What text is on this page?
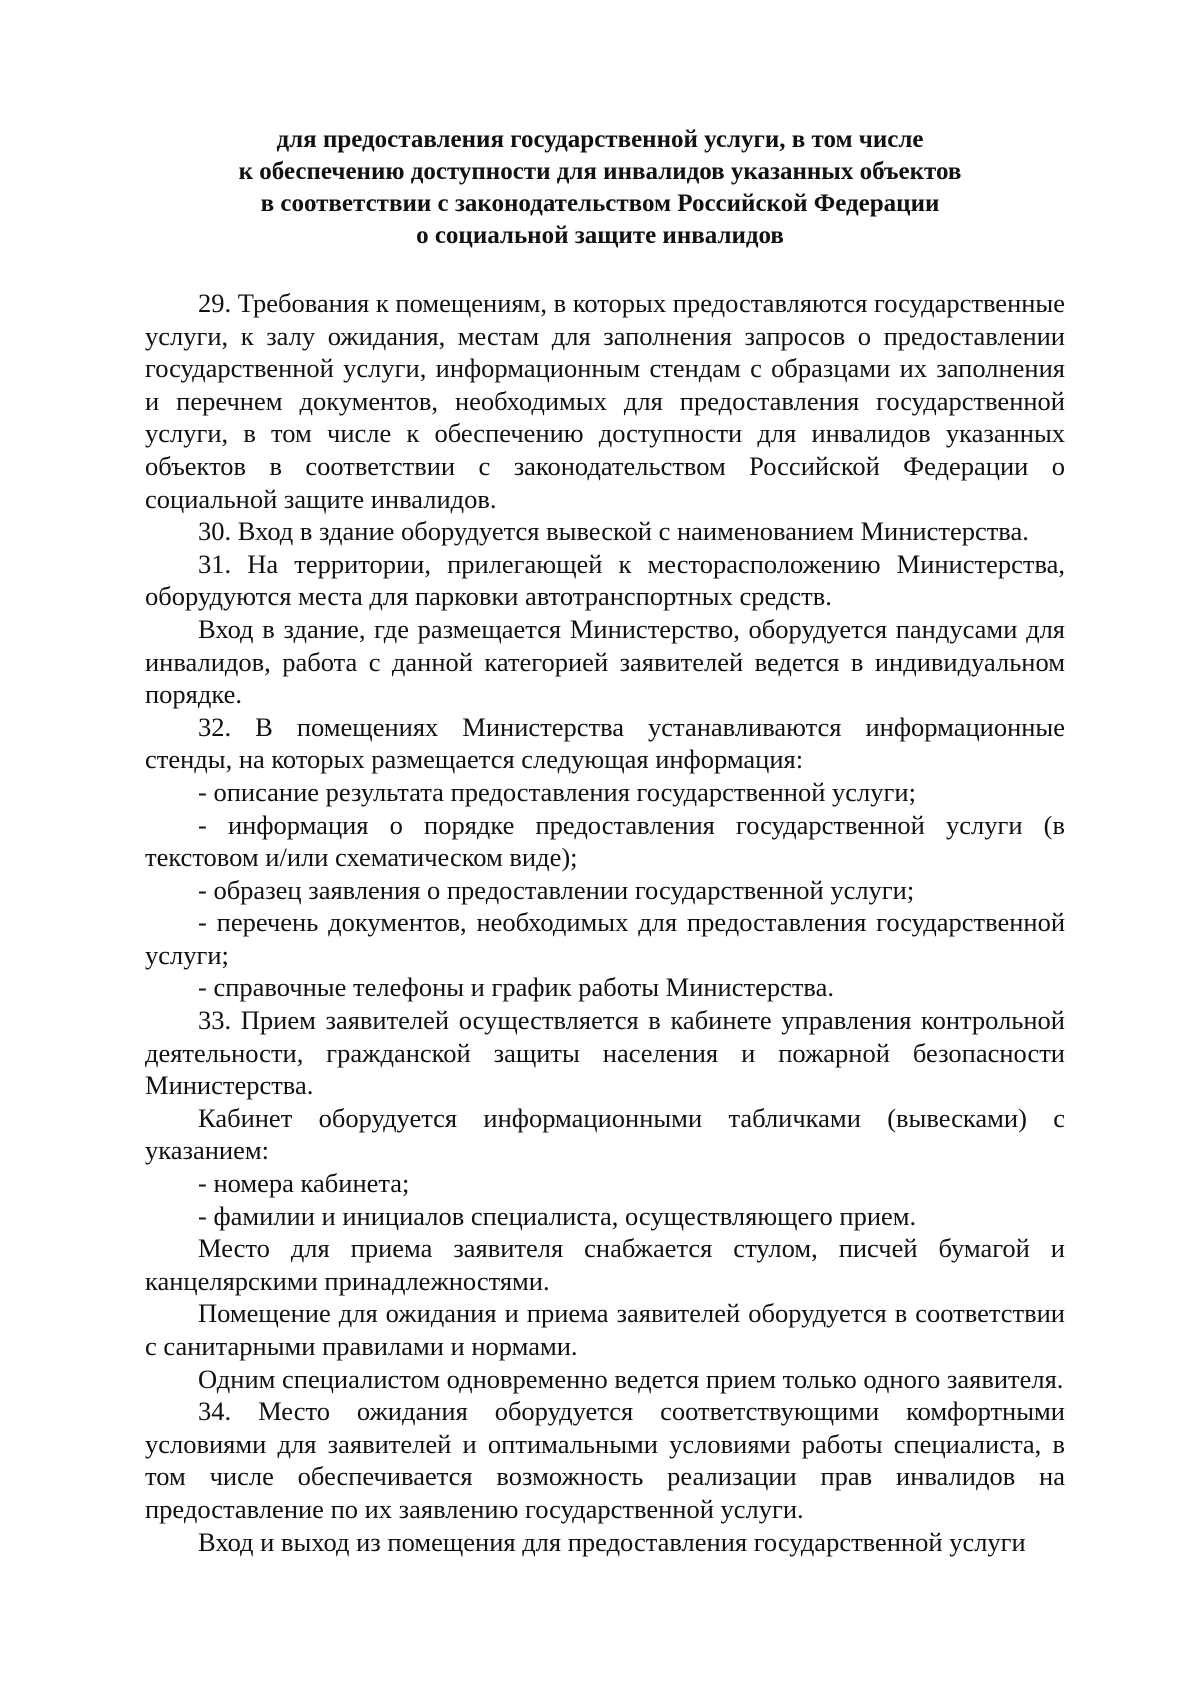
для предоставления государственной услуги, в том числе
к обеспечению доступности для инвалидов указанных объектов
в соответствии с законодательством Российской Федерации
о социальной защите инвалидов

29. Требования к помещениям, в которых предоставляются государственные услуги, к залу ожидания, местам для заполнения запросов о предоставлении государственной услуги, информационным стендам с образцами их заполнения и перечнем документов, необходимых для предоставления государственной услуги, в том числе к обеспечению доступности для инвалидов указанных объектов в соответствии с законодательством Российской Федерации о социальной защите инвалидов.

30. Вход в здание оборудуется вывеской с наименованием Министерства.

31. На территории, прилегающей к месторасположению Министерства, оборудуются места для парковки автотранспортных средств.

Вход в здание, где размещается Министерство, оборудуется пандусами для инвалидов, работа с данной категорией заявителей ведется в индивидуальном порядке.

32. В помещениях Министерства устанавливаются информационные стенды, на которых размещается следующая информация:

- описание результата предоставления государственной услуги;

- информация о порядке предоставления государственной услуги (в текстовом и/или схематическом виде);

- образец заявления о предоставлении государственной услуги;

- перечень документов, необходимых для предоставления государственной услуги;

- справочные телефоны и график работы Министерства.

33. Прием заявителей осуществляется в кабинете управления контрольной деятельности, гражданской защиты населения и пожарной безопасности Министерства.

Кабинет оборудуется информационными табличками (вывесками) с указанием:

- номера кабинета;

- фамилии и инициалов специалиста, осуществляющего прием.

Место для приема заявителя снабжается стулом, писчей бумагой и канцелярскими принадлежностями.

Помещение для ожидания и приема заявителей оборудуется в соответствии с санитарными правилами и нормами.

Одним специалистом одновременно ведется прием только одного заявителя.

34. Место ожидания оборудуется соответствующими комфортными условиями для заявителей и оптимальными условиями работы специалиста, в том числе обеспечивается возможность реализации прав инвалидов на предоставление по их заявлению государственной услуги.

Вход и выход из помещения для предоставления государственной услуги
